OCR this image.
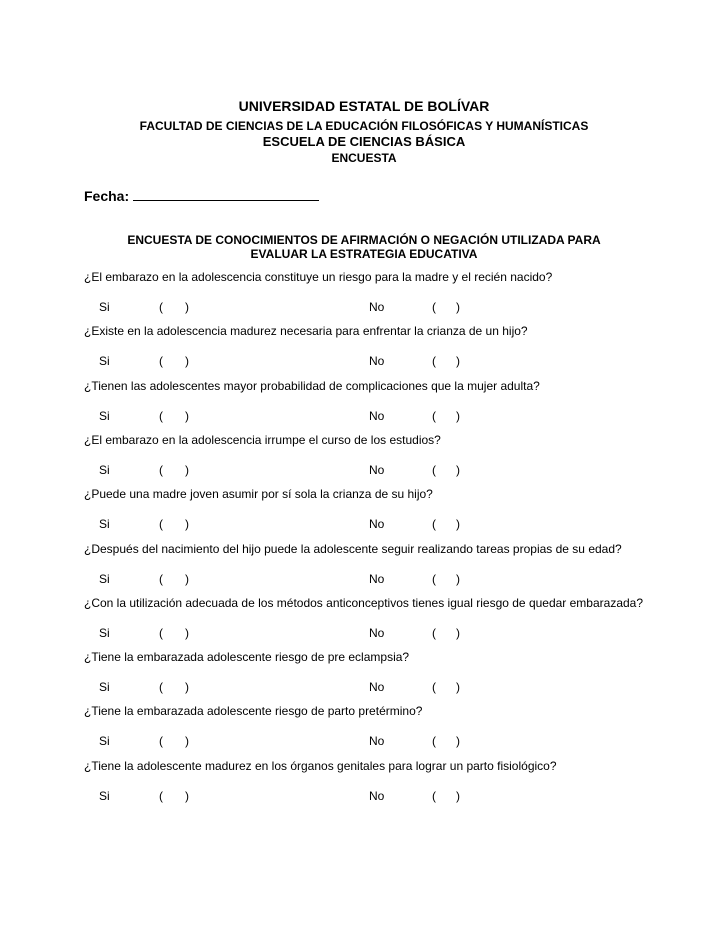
UNIVERSIDAD ESTATAL DE BOLÍVAR
FACULTAD DE CIENCIAS DE LA EDUCACIÓN FILOSÓFICAS Y HUMANÍSTICAS
ESCUELA DE CIENCIAS BÁSICA
ENCUESTA
Fecha:
ENCUESTA DE CONOCIMIENTOS DE AFIRMACIÓN O NEGACIÓN UTILIZADA PARA
EVALUAR LA ESTRATEGIA EDUCATIVA
¿El embarazo en la adolescencia constituye un riesgo para la madre y el recién nacido?
Si	( )	No	( )
¿Existe en la adolescencia madurez necesaria para enfrentar la crianza de un hijo?
Si	( )	No	( )
¿Tienen las adolescentes mayor probabilidad de complicaciones que la mujer adulta?
Si	( )	No	( )
¿El embarazo en la adolescencia irrumpe el curso de los estudios?
Si	( )	No	( )
¿Puede una madre joven asumir por sí sola la crianza de su hijo?
Si	( )	No	( )
¿Después del nacimiento del hijo puede la adolescente seguir realizando tareas propias de su edad?
Si	( )	No	( )
¿Con la utilización adecuada de los métodos anticonceptivos tienes igual riesgo de quedar embarazada?
Si	( )	No	( )
¿Tiene la embarazada adolescente riesgo de pre eclampsia?
Si	( )	No	( )
¿Tiene la embarazada adolescente riesgo de parto pretérmino?
Si	( )	No	( )
¿Tiene la adolescente madurez en los órganos genitales para lograr un parto fisiológico?
Si	( )	No	( )
